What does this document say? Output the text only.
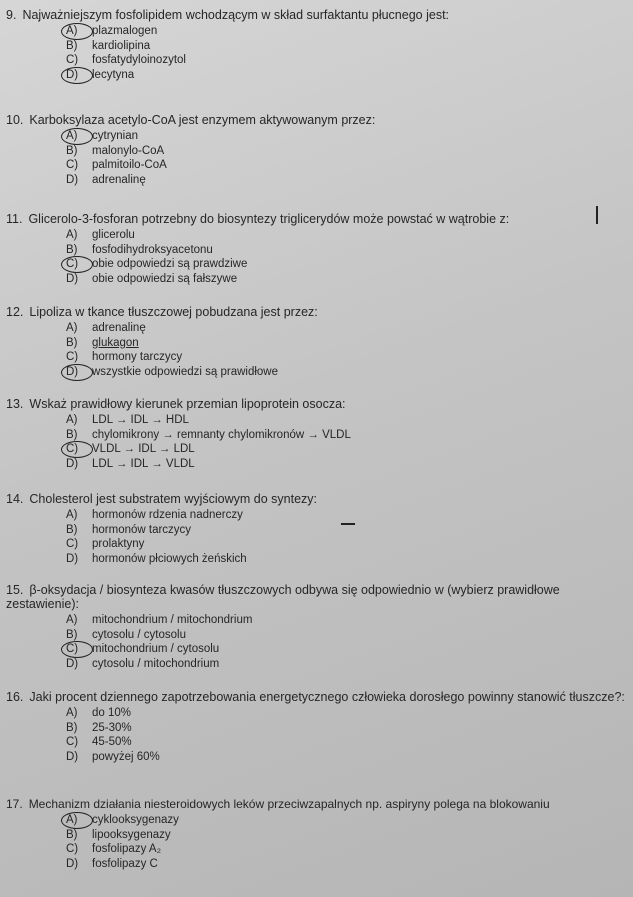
9. Najważniejszym fosfolipidem wchodzącym w skład surfaktantu płucnego jest:
A) plazmalogen
B) kardiolipina
C) fosfatydyloinozytol
D) lecytyna
10. Karboksylaza acetylo-CoA jest enzymem aktywowanym przez:
A) cytrynian
B) malonylo-CoA
C) palmitoilo-CoA
D) adrenalinę
11. Glicerolo-3-fosforan potrzebny do biosyntezy triglicerydów może powstać w wątrobie z:
A) glicerolu
B) fosfodihydroksyacetonu
C) obie odpowiedzi są prawdziwe
D) obie odpowiedzi są fałszywe
12. Lipoliza w tkance tłuszczowej pobudzana jest przez:
A) adrenalinę
B) glukagon
C) hormony tarczycy
D) wszystkie odpowiedzi są prawidłowe
13. Wskaż prawidłowy kierunek przemian lipoprotein osocza:
A) LDL → IDL → HDL
B) chylomikrony → remnanty chylomikronów → VLDL
C) VLDL → IDL → LDL
D) LDL → IDL → VLDL
14. Cholesterol jest substratem wyjściowym do syntezy:
A) hormonów rdzenia nadnerczy
B) hormonów tarczycy
C) prolaktyny
D) hormonów płciowych żeńskich
15. β-oksydacja / biosynteza kwasów tłuszczowych odbywa się odpowiednio w (wybierz prawidłowe zestawienie):
A) mitochondrium / mitochondrium
B) cytosolu / cytosolu
C) mitochondrium / cytosolu
D) cytosolu / mitochondrium
16. Jaki procent dziennego zapotrzebowania energetycznego człowieka dorosłego powinny stanowić tłuszcze?:
A) do 10%
B) 25-30%
C) 45-50%
D) powyżej 60%
17. Mechanizm działania niesteroidowych leków przeciwzapalnych np. aspiryny polega na blokowaniu
A) cyklooksygenazy
B) lipooksygenazy
C) fosfolipazy A₂
D) fosfolipazy C
